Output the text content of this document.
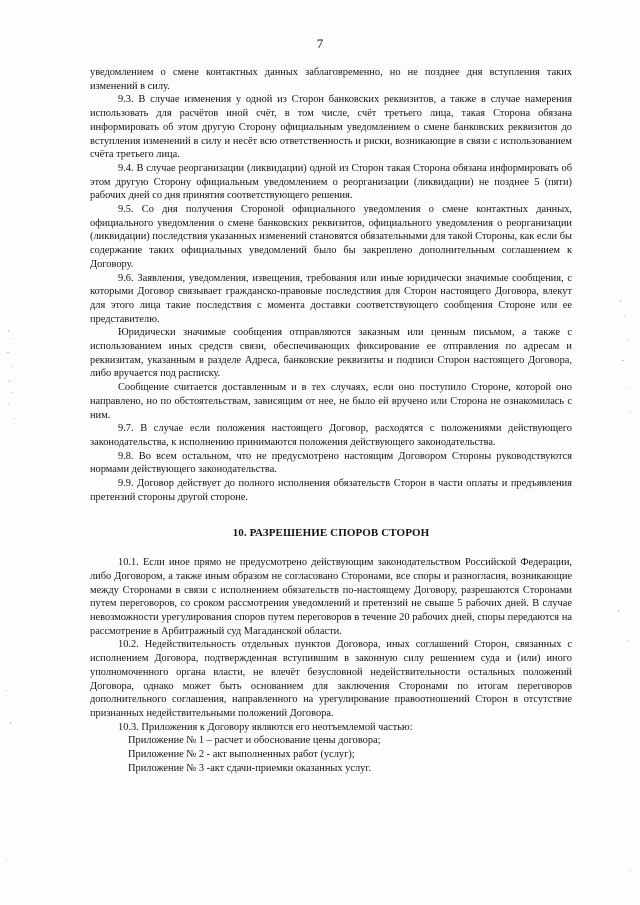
7

уведомлением о смене контактных данных заблаговременно, но не позднее дня вступления таких изменений в силу.

9.3. В случае изменения у одной из Сторон банковских реквизитов, а также в случае намерения использовать для расчётов иной счёт, в том числе, счёт третьего лица, такая Сторона обязана информировать об этом другую Сторону официальным уведомлением о смене банковских реквизитов до вступления изменений в силу и несёт всю ответственность и риски, возникающие в связи с использованием счёта третьего лица.

9.4. В случае реорганизации (ликвидации) одной из Сторон такая Сторона обязана информировать об этом другую Сторону официальным уведомлением о реорганизации (ликвидации) не позднее 5 (пяти) рабочих дней со дня принятия соответствующего решения.

9.5. Со дня получения Стороной официального уведомления о смене контактных данных, официального уведомления о смене банковских реквизитов, официального уведомления о реорганизации (ликвидации) последствия указанных изменений становятся обязательными для такой Стороны, как если бы содержание таких официальных уведомлений было бы закреплено дополнительным соглашением к Договору.

9.6. Заявления, уведомления, извещения, требования или иные юридически значимые сообщения, с которыми Договор связывает гражданско-правовые последствия для Сторон настоящего Договора, влекут для этого лица такие последствия с момента доставки соответствующего сообщения Стороне или ее представителю.

Юридически значимые сообщения отправляются заказным или ценным письмом, а также с использованием иных средств связи, обеспечивающих фиксирование ее отправления по адресам и реквизитам, указанным в разделе Адреса, банковские реквизиты и подписи Сторон настоящего Договора, либо вручается под расписку.

Сообщение считается доставленным и в тех случаях, если оно поступило Стороне, которой оно направлено, но по обстоятельствам, зависящим от нее, не было ей вручено или Сторона не ознакомилась с ним.

9.7. В случае если положения настоящего Договор, расходятся с положениями действующего законодательства, к исполнению принимаются положения действующего законодательства.

9.8. Во всем остальном, что не предусмотрено настоящим Договором Стороны руководствуются нормами действующего законодательства.

9.9. Договор действует до полного исполнения обязательств Сторон в части оплаты и предъявления претензий стороны другой стороне.

10. РАЗРЕШЕНИЕ СПОРОВ СТОРОН

10.1. Если иное прямо не предусмотрено действующим законодательством Российской Федерации, либо Договором, а также иным образом не согласовано Сторонами, все споры и разногласия, возникающие между Сторонами в связи с исполнением обязательств по-настоящему Договору, разрешаются Сторонами путем переговоров, со сроком рассмотрения уведомлений и претензий не свыше 5 рабочих дней. В случае невозможности урегулирования споров путем переговоров в течение 20 рабочих дней, споры передаются на рассмотрение в Арбитражный суд Магаданской области.

10.2. Недействительность отдельных пунктов Договора, иных соглашений Сторон, связанных с исполнением Договора, подтвержденная вступившим в законную силу решением суда и (или) иного уполномоченного органа власти, не влечёт безусловной недействительности остальных положений Договора, однако может быть основанием для заключения Сторонами по итогам переговоров дополнительного соглашения, направленного на урегулирование правоотношений Сторон в отсутствие признанных недействительными положений Договора.

10.3. Приложения к Договору являются его неотъемлемой частью:

Приложение № 1 – расчет и обоснование цены договора;

Приложение № 2 - акт выполненных работ (услуг);

Приложение № 3 -акт сдачи-приемки оказанных услуг.
